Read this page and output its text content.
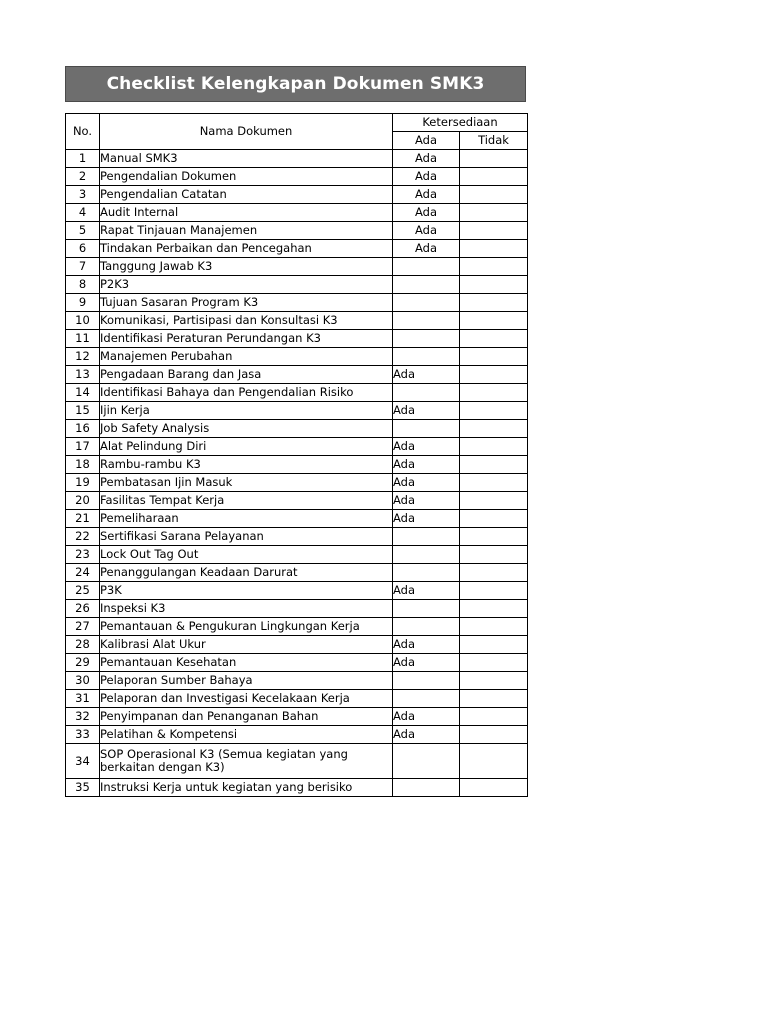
Checklist Kelengkapan Dokumen SMK3
No.	Nama Dokumen	Ketersediaan	
		Ada	Tidak
1	Manual SMK3	Ada	
2	Pengendalian Dokumen	Ada	
3	Pengendalian Catatan	Ada	
4	Audit Internal	Ada	
5	Rapat Tinjauan Manajemen	Ada	
6	Tindakan Perbaikan dan Pencegahan	Ada	
7	Tanggung Jawab K3		
8	P2K3		
9	Tujuan Sasaran Program K3		
10	Komunikasi, Partisipasi dan Konsultasi K3		
11	Identifikasi Peraturan Perundangan K3		
12	Manajemen Perubahan		
13	Pengadaan Barang dan Jasa	Ada	
14	Identifikasi Bahaya dan Pengendalian Risiko		
15	Ijin Kerja	Ada	
16	Job Safety Analysis		
17	Alat Pelindung Diri	Ada	
18	Rambu-rambu K3	Ada	
19	Pembatasan Ijin Masuk	Ada	
20	Fasilitas Tempat Kerja	Ada	
21	Pemeliharaan	Ada	
22	Sertifikasi Sarana Pelayanan		
23	Lock Out Tag Out		
24	Penanggulangan Keadaan Darurat		
25	P3K	Ada	
26	Inspeksi K3		
27	Pemantauan & Pengukuran Lingkungan Kerja		
28	Kalibrasi Alat Ukur	Ada	
29	Pemantauan Kesehatan	Ada	
30	Pelaporan Sumber Bahaya		
31	Pelaporan dan Investigasi Kecelakaan Kerja		
32	Penyimpanan dan Penanganan Bahan	Ada	
33	Pelatihan & Kompetensi	Ada	
34	SOP Operasional K3 (Semua kegiatan yang berkaitan dengan K3)		
35	Instruksi Kerja untuk kegiatan yang berisiko		
